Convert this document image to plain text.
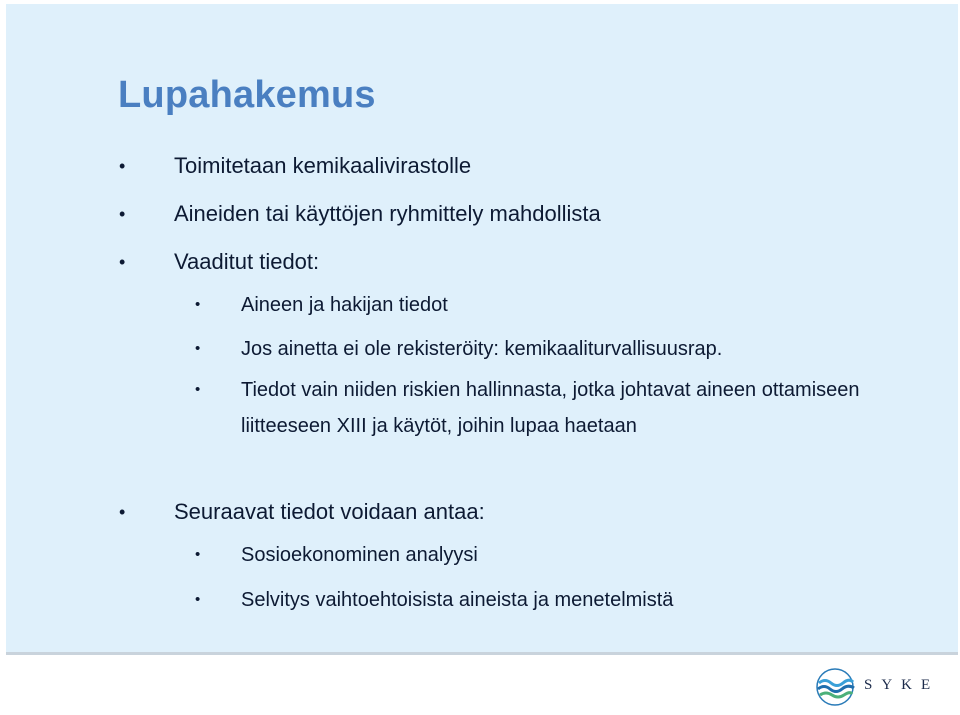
Lupahakemus
• Toimitetaan kemikaalivirastolle
• Aineiden tai käyttöjen ryhmittely mahdollista
• Vaaditut tiedot:
• Aineen ja hakijan tiedot
• Jos ainetta ei ole rekisteröity: kemikaaliturvallisuusrap.
• Tiedot vain niiden riskien hallinnasta, jotka johtavat aineen ottamiseen liitteeseen XIII ja käytöt, joihin lupaa haetaan
• Seuraavat tiedot voidaan antaa:
• Sosioekonominen analyysi
• Selvitys vaihtoehtoisista aineista ja menetelmistä
SYKE
